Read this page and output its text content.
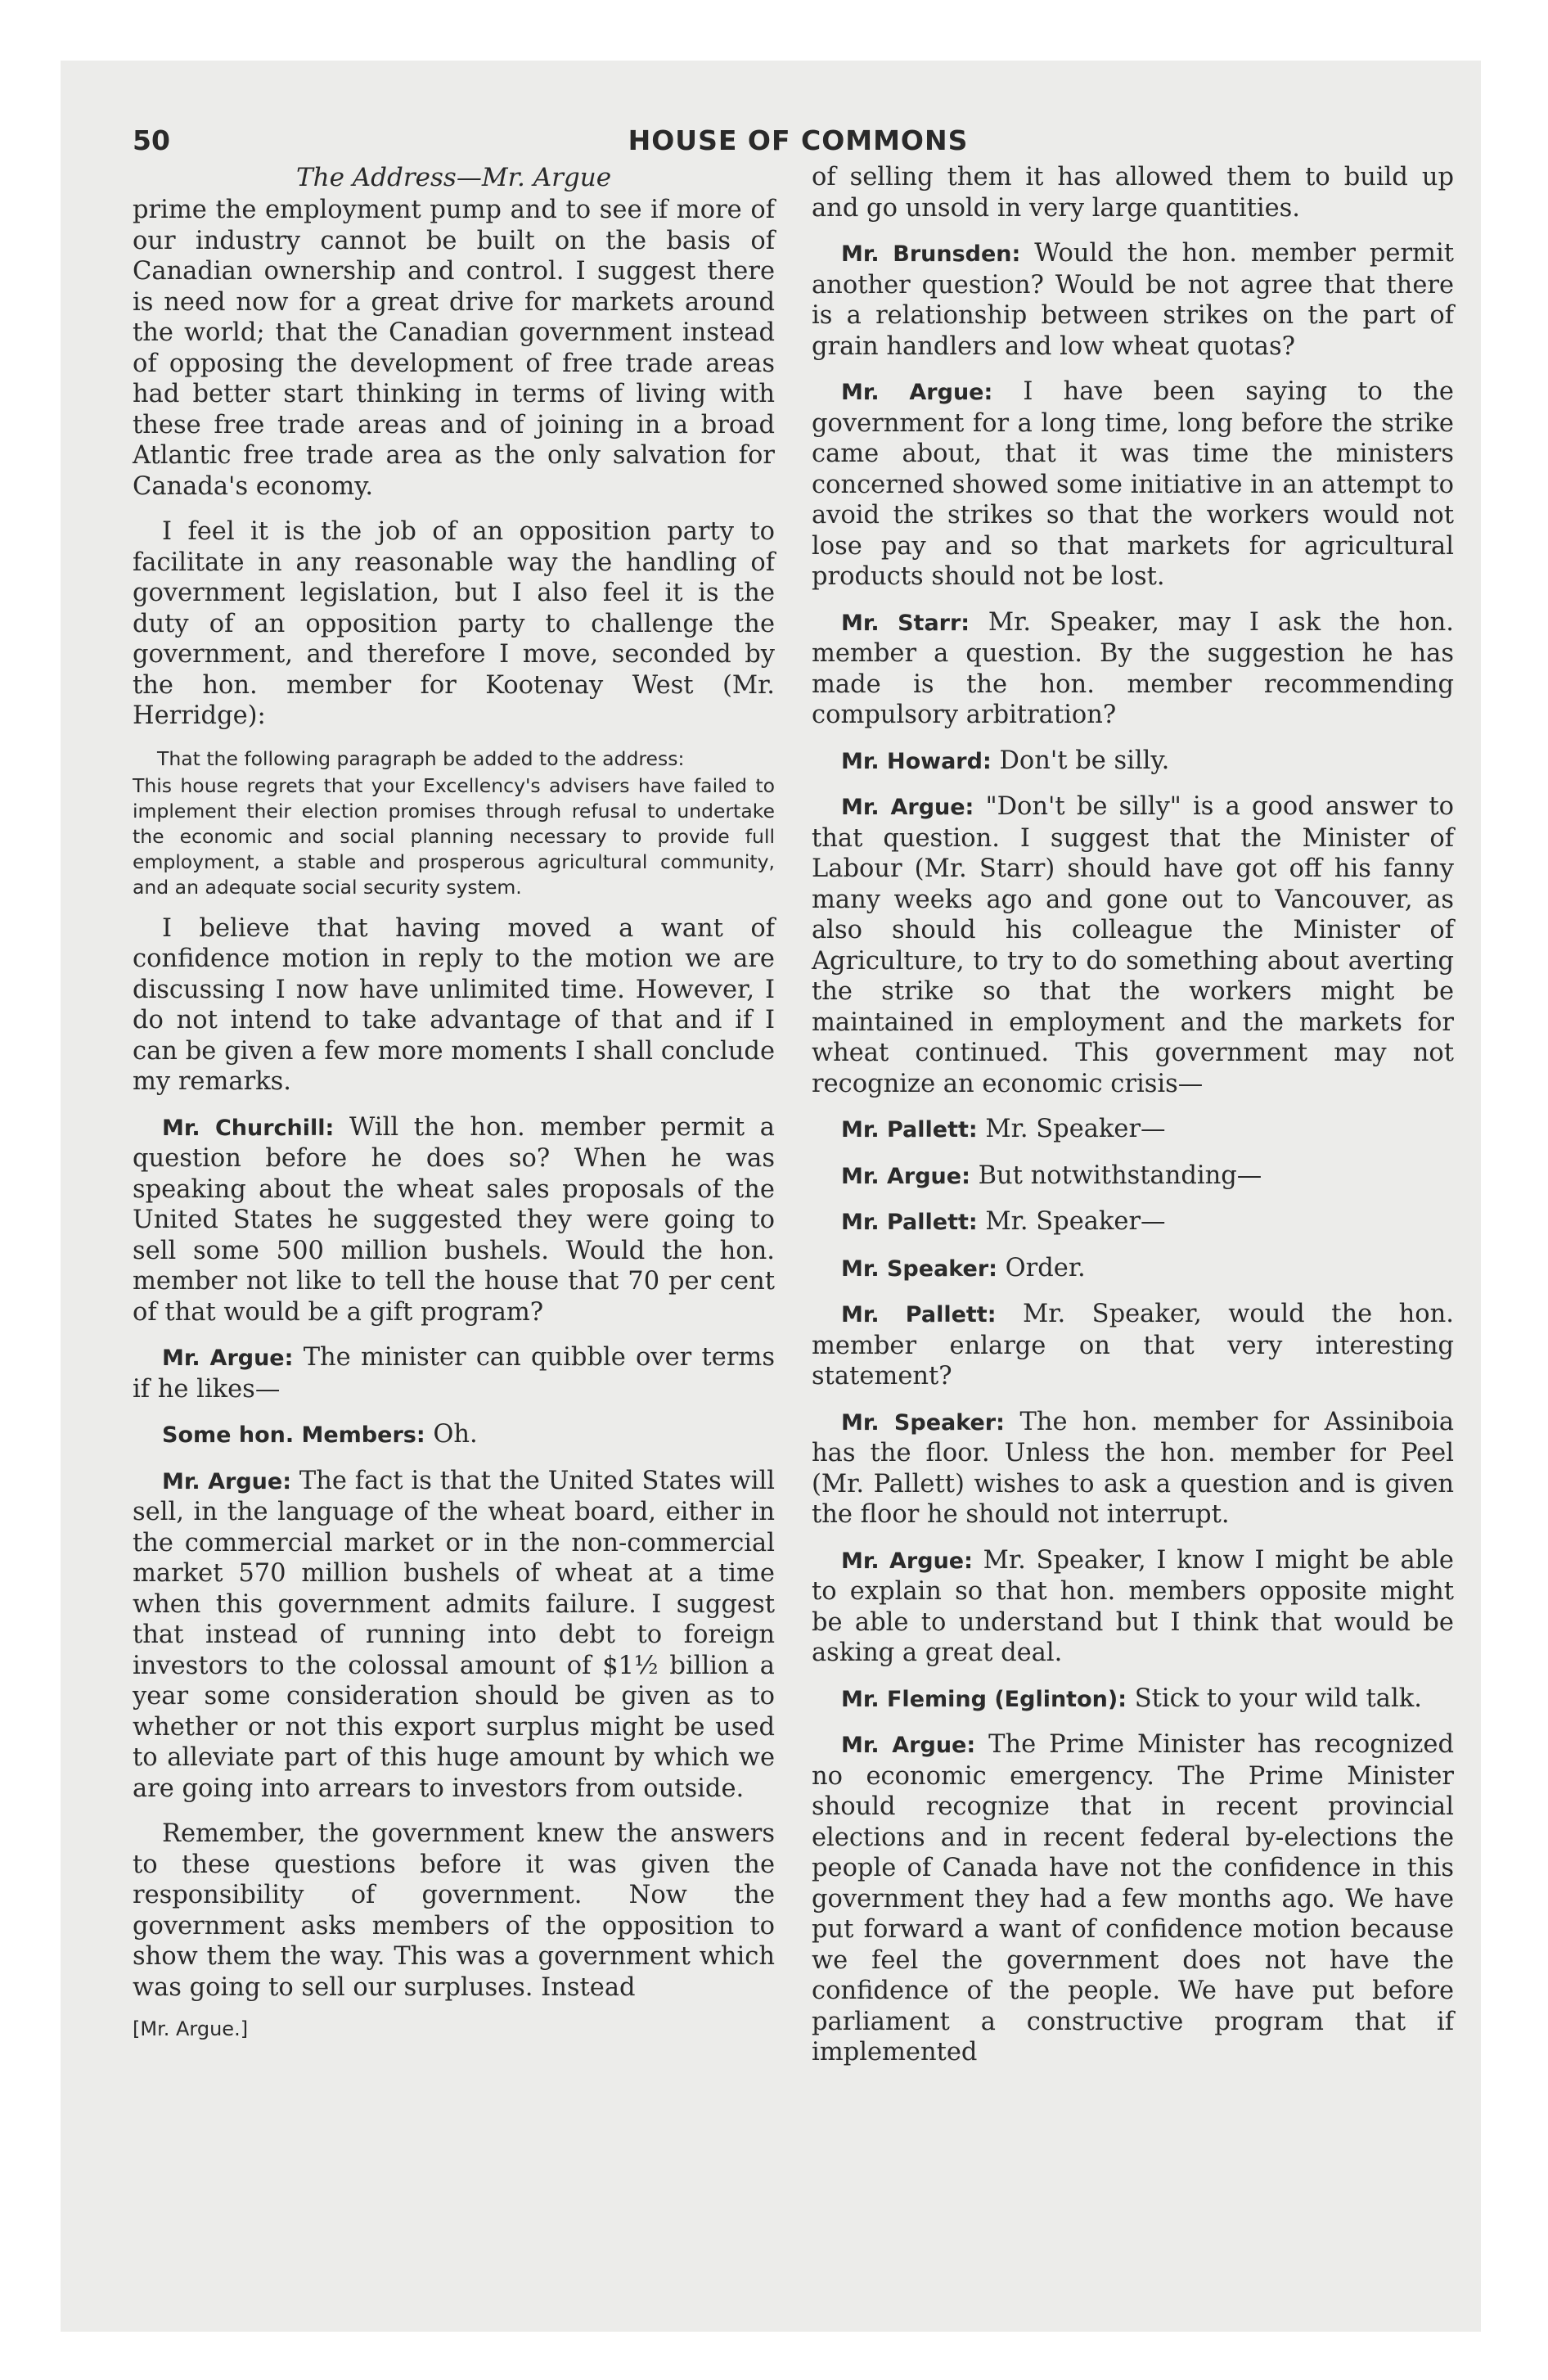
50	HOUSE OF COMMONS
The Address—Mr. Argue

prime the employment pump and to see if more of our industry cannot be built on the basis of Canadian ownership and control. I suggest there is need now for a great drive for markets around the world; that the Canadian government instead of opposing the development of free trade areas had better start thinking in terms of living with these free trade areas and of joining in a broad Atlantic free trade area as the only salvation for Canada's economy.

I feel it is the job of an opposition party to facilitate in any reasonable way the handling of government legislation, but I also feel it is the duty of an opposition party to challenge the government, and therefore I move, seconded by the hon. member for Kootenay West (Mr. Herridge):

That the following paragraph be added to the address:
This house regrets that your Excellency's advisers have failed to implement their election promises through refusal to undertake the economic and social planning necessary to provide full employment, a stable and prosperous agricultural community, and an adequate social security system.

I believe that having moved a want of confidence motion in reply to the motion we are discussing I now have unlimited time. However, I do not intend to take advantage of that and if I can be given a few more moments I shall conclude my remarks.

Mr. Churchill: Will the hon. member permit a question before he does so? When he was speaking about the wheat sales proposals of the United States he suggested they were going to sell some 500 million bushels. Would the hon. member not like to tell the house that 70 per cent of that would be a gift program?

Mr. Argue: The minister can quibble over terms if he likes—

Some hon. Members: Oh.

Mr. Argue: The fact is that the United States will sell, in the language of the wheat board, either in the commercial market or in the non-commercial market 570 million bushels of wheat at a time when this government admits failure. I suggest that instead of running into debt to foreign investors to the colossal amount of $1½ billion a year some consideration should be given as to whether or not this export surplus might be used to alleviate part of this huge amount by which we are going into arrears to investors from outside.

Remember, the government knew the answers to these questions before it was given the responsibility of government. Now the government asks members of the opposition to show them the way. This was a government which was going to sell our surpluses. Instead

[Mr. Argue.]

of selling them it has allowed them to build up and go unsold in very large quantities.

Mr. Brunsden: Would the hon. member permit another question? Would be not agree that there is a relationship between strikes on the part of grain handlers and low wheat quotas?

Mr. Argue: I have been saying to the government for a long time, long before the strike came about, that it was time the ministers concerned showed some initiative in an attempt to avoid the strikes so that the workers would not lose pay and so that markets for agricultural products should not be lost.

Mr. Starr: Mr. Speaker, may I ask the hon. member a question. By the suggestion he has made is the hon. member recommending compulsory arbitration?

Mr. Howard: Don't be silly.

Mr. Argue: "Don't be silly" is a good answer to that question. I suggest that the Minister of Labour (Mr. Starr) should have got off his fanny many weeks ago and gone out to Vancouver, as also should his colleague the Minister of Agriculture, to try to do something about averting the strike so that the workers might be maintained in employment and the markets for wheat continued. This government may not recognize an economic crisis—

Mr. Pallett: Mr. Speaker—

Mr. Argue: But notwithstanding—

Mr. Pallett: Mr. Speaker—

Mr. Speaker: Order.

Mr. Pallett: Mr. Speaker, would the hon. member enlarge on that very interesting statement?

Mr. Speaker: The hon. member for Assiniboia has the floor. Unless the hon. member for Peel (Mr. Pallett) wishes to ask a question and is given the floor he should not interrupt.

Mr. Argue: Mr. Speaker, I know I might be able to explain so that hon. members opposite might be able to understand but I think that would be asking a great deal.

Mr. Fleming (Eglinton): Stick to your wild talk.

Mr. Argue: The Prime Minister has recognized no economic emergency. The Prime Minister should recognize that in recent provincial elections and in recent federal by-elections the people of Canada have not the confidence in this government they had a few months ago. We have put forward a want of confidence motion because we feel the government does not have the confidence of the people. We have put before parliament a constructive program that if implemented
